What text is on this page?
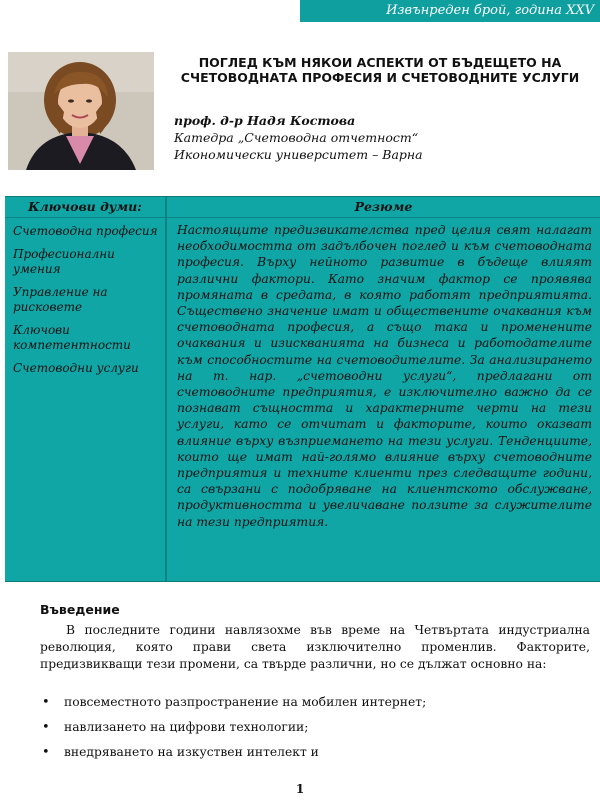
Извънреден брой, година XXV
ПОГЛЕД КЪМ НЯКОИ АСПЕКТИ ОТ БЪДЕЩЕТО НА СЧЕТОВОДНАТА ПРОФЕСИЯ И СЧЕТОВОДНИТЕ УСЛУГИ
проф. д-р Надя Костова
Катедра „Счетоводна отчетност“
Икономически университет – Варна
Ключови думи:
Счетоводна професия
Професионални умения
Управление на рисковете
Ключови компетентности
Счетоводни услуги
Резюме
Настоящите предизвикателства пред целия свят налагат необходимостта от задълбочен поглед и към счетоводната професия. Върху нейното развитие в бъдеще влияят различни фактори. Като значим фактор се проявява промяната в средата, в която работят предприятията. Съществено значение имат и обществените очаквания към счетоводната професия, а също така и променените очаквания и изискванията на бизнеса и работодателите към способностите на счетоводителите. За анализирането на т. нар. „счетоводни услуги“, предлагани от счетоводните предприятия, е изключително важно да се познават същността и характерните черти на тези услуги, като се отчитат и факторите, които оказват влияние върху възприемането на тези услуги. Тенденциите, които ще имат най-голямо влияние върху счетоводните предприятия и техните клиенти през следващите години, са свързани с подобряване на клиентското обслужване, продуктивността и увеличаване ползите за служителите на тези предприятия.
Въведение

В последните години навлязохме във време на Четвъртата индустриална революция, която прави света изключително променлив. Факторите, предизвикващи тези промени, са твърде различни, но се дължат основно на:

• повсеместното разпространение на мобилен интернет;
• навлизането на цифрови технологии;
• внедряването на изкуствен интелект и
1
